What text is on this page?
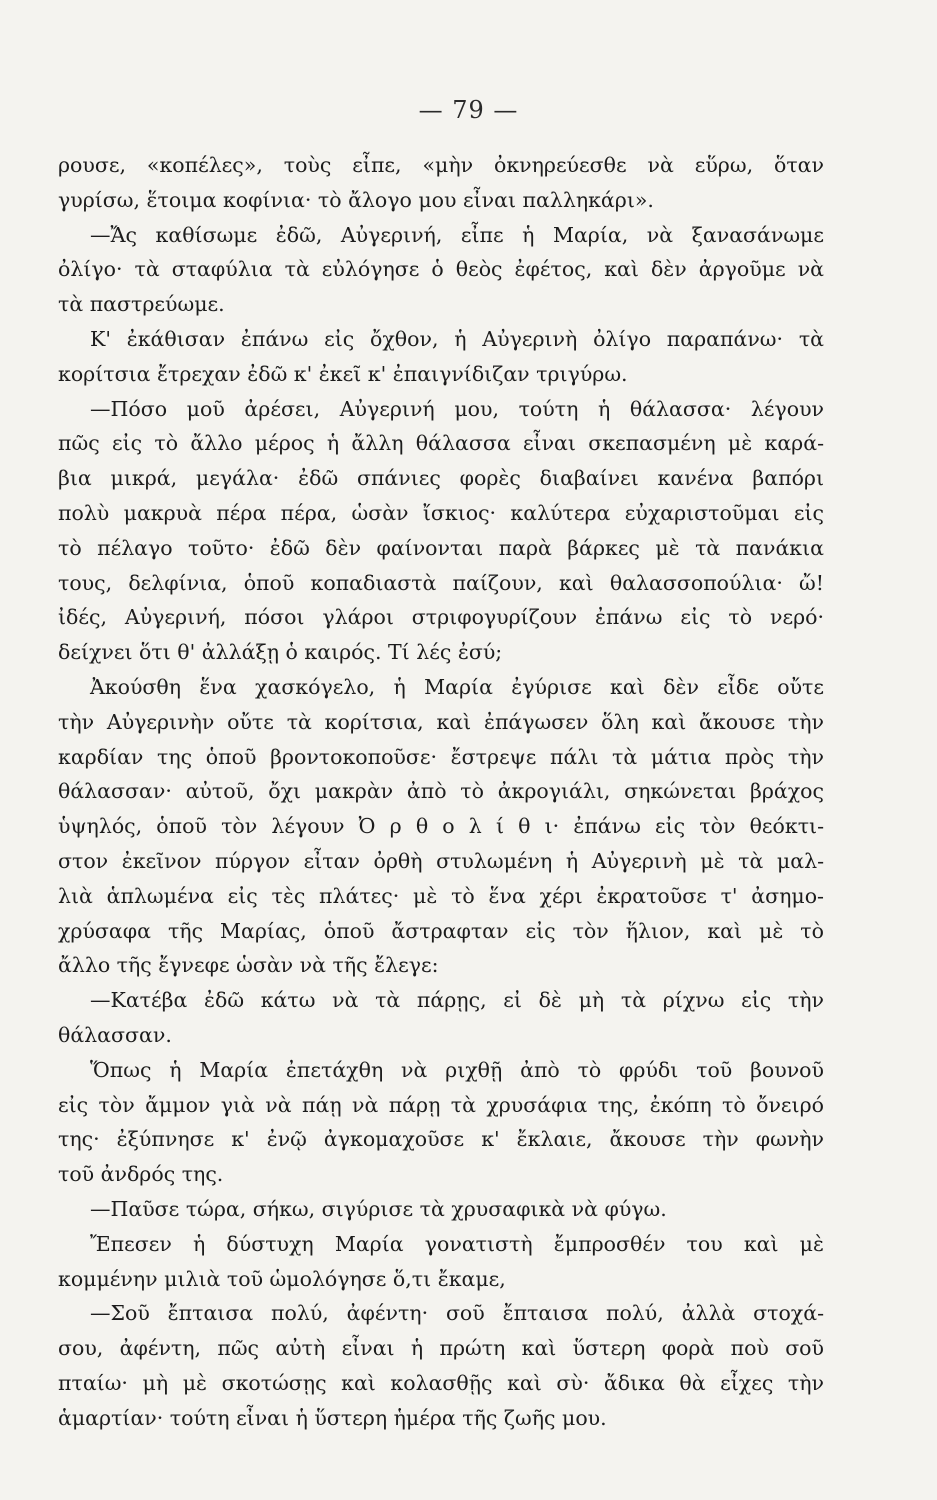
— 79 —
ρουσε, «κοπέλες», τοὺς εἶπε, «μὴν ὀκνηρεύεσθε νὰ εὕρω, ὅταν
γυρίσω, ἕτοιμα κοφίνια· τὸ ἄλογο μου εἶναι παλληκάρι».
—Ἄς καθίσωμε ἐδῶ, Αὐγερινή, εἶπε ἡ Μαρία, νὰ ξανασάνωμε
ὀλίγο· τὰ σταφύλια τὰ εὐλόγησε ὁ θεὸς ἐφέτος, καὶ δὲν ἀργοῦμε νὰ
τὰ παστρεύωμε.
Κ' ἐκάθισαν ἐπάνω εἰς ὄχθον, ἡ Αὐγερινὴ ὀλίγο παραπάνω· τὰ
κορίτσια ἔτρεχαν ἐδῶ κ' ἐκεῖ κ' ἐπαιγνίδιζαν τριγύρω.
—Πόσο μοῦ ἀρέσει, Αὐγερινή μου, τούτη ἡ θάλασσα· λέγουν
πῶς εἰς τὸ ἄλλο μέρος ἡ ἄλλη θάλασσα εἶναι σκεπασμένη μὲ καρά-
βια μικρά, μεγάλα· ἐδῶ σπάνιες φορὲς διαβαίνει κανένα βαπόρι
πολὺ μακρυὰ πέρα πέρα, ὡσὰν ἴσκιος· καλύτερα εὐχαριστοῦμαι εἰς
τὸ πέλαγο τοῦτο· ἐδῶ δὲν φαίνονται παρὰ βάρκες μὲ τὰ πανάκια
τους, δελφίνια, ὁποῦ κοπαδιαστὰ παίζουν, καὶ θαλασσοπούλια· ὤ!
ἰδές, Αὐγερινή, πόσοι γλάροι στριφογυρίζουν ἐπάνω εἰς τὸ νερό·
δείχνει ὅτι θ' ἀλλάξῃ ὁ καιρός. Τί λές ἐσύ;
Ἀκούσθη ἕνα χασκόγελο, ἡ Μαρία ἐγύρισε καὶ δὲν εἶδε οὔτε
τὴν Αὐγερινὴν οὔτε τὰ κορίτσια, καὶ ἐπάγωσεν ὅλη καὶ ἄκουσε τὴν
καρδίαν της ὁποῦ βροντοκοποῦσε· ἔστρεψε πάλι τὰ μάτια πρὸς τὴν
θάλασσαν· αὐτοῦ, ὄχι μακρὰν ἀπὸ τὸ ἀκρογιάλι, σηκώνεται βράχος
ὑψηλός, ὁποῦ τὸν λέγουν Ὀ ρ θ ο λ ί θ ι· ἐπάνω εἰς τὸν θεόκτι-
στον ἐκεῖνον πύργον εἶταν ὀρθὴ στυλωμένη ἡ Αὐγερινὴ μὲ τὰ μαλ-
λιὰ ἁπλωμένα εἰς τὲς πλάτες· μὲ τὸ ἕνα χέρι ἐκρατοῦσε τ' ἀσημο-
χρύσαφα τῆς Μαρίας, ὁποῦ ἄστραφταν εἰς τὸν ἥλιον, καὶ μὲ τὸ
ἄλλο τῆς ἔγνεφε ὡσὰν νὰ τῆς ἔλεγε:
—Κατέβα ἐδῶ κάτω νὰ τὰ πάρῃς, εἰ δὲ μὴ τὰ ρίχνω εἰς τὴν
θάλασσαν.
Ὅπως ἡ Μαρία ἐπετάχθη νὰ ριχθῇ ἀπὸ τὸ φρύδι τοῦ βουνοῦ
εἰς τὸν ἄμμον γιὰ νὰ πάῃ νὰ πάρῃ τὰ χρυσάφια της, ἐκόπη τὸ ὄνειρό
της· ἐξύπνησε κ' ἐνῷ ἀγκομαχοῦσε κ' ἔκλαιε, ἄκουσε τὴν φωνὴν
τοῦ ἀνδρός της.
—Παῦσε τώρα, σήκω, σιγύρισε τὰ χρυσαφικὰ νὰ φύγω.
Ἔπεσεν ἡ δύστυχη Μαρία γονατιστὴ ἔμπροσθέν του καὶ μὲ
κομμένην μιλιὰ τοῦ ὡμολόγησε ὅ,τι ἔκαμε,
—Σοῦ ἔπταισα πολύ, ἀφέντη· σοῦ ἔπταισα πολύ, ἀλλὰ στοχά-
σου, ἀφέντη, πῶς αὐτὴ εἶναι ἡ πρώτη καὶ ὕστερη φορὰ ποὺ σοῦ
πταίω· μὴ μὲ σκοτώσῃς καὶ κολασθῇς καὶ σὺ· ἄδικα θὰ εἶχες τὴν
ἁμαρτίαν· τούτη εἶναι ἡ ὕστερη ἡμέρα τῆς ζωῆς μου.
